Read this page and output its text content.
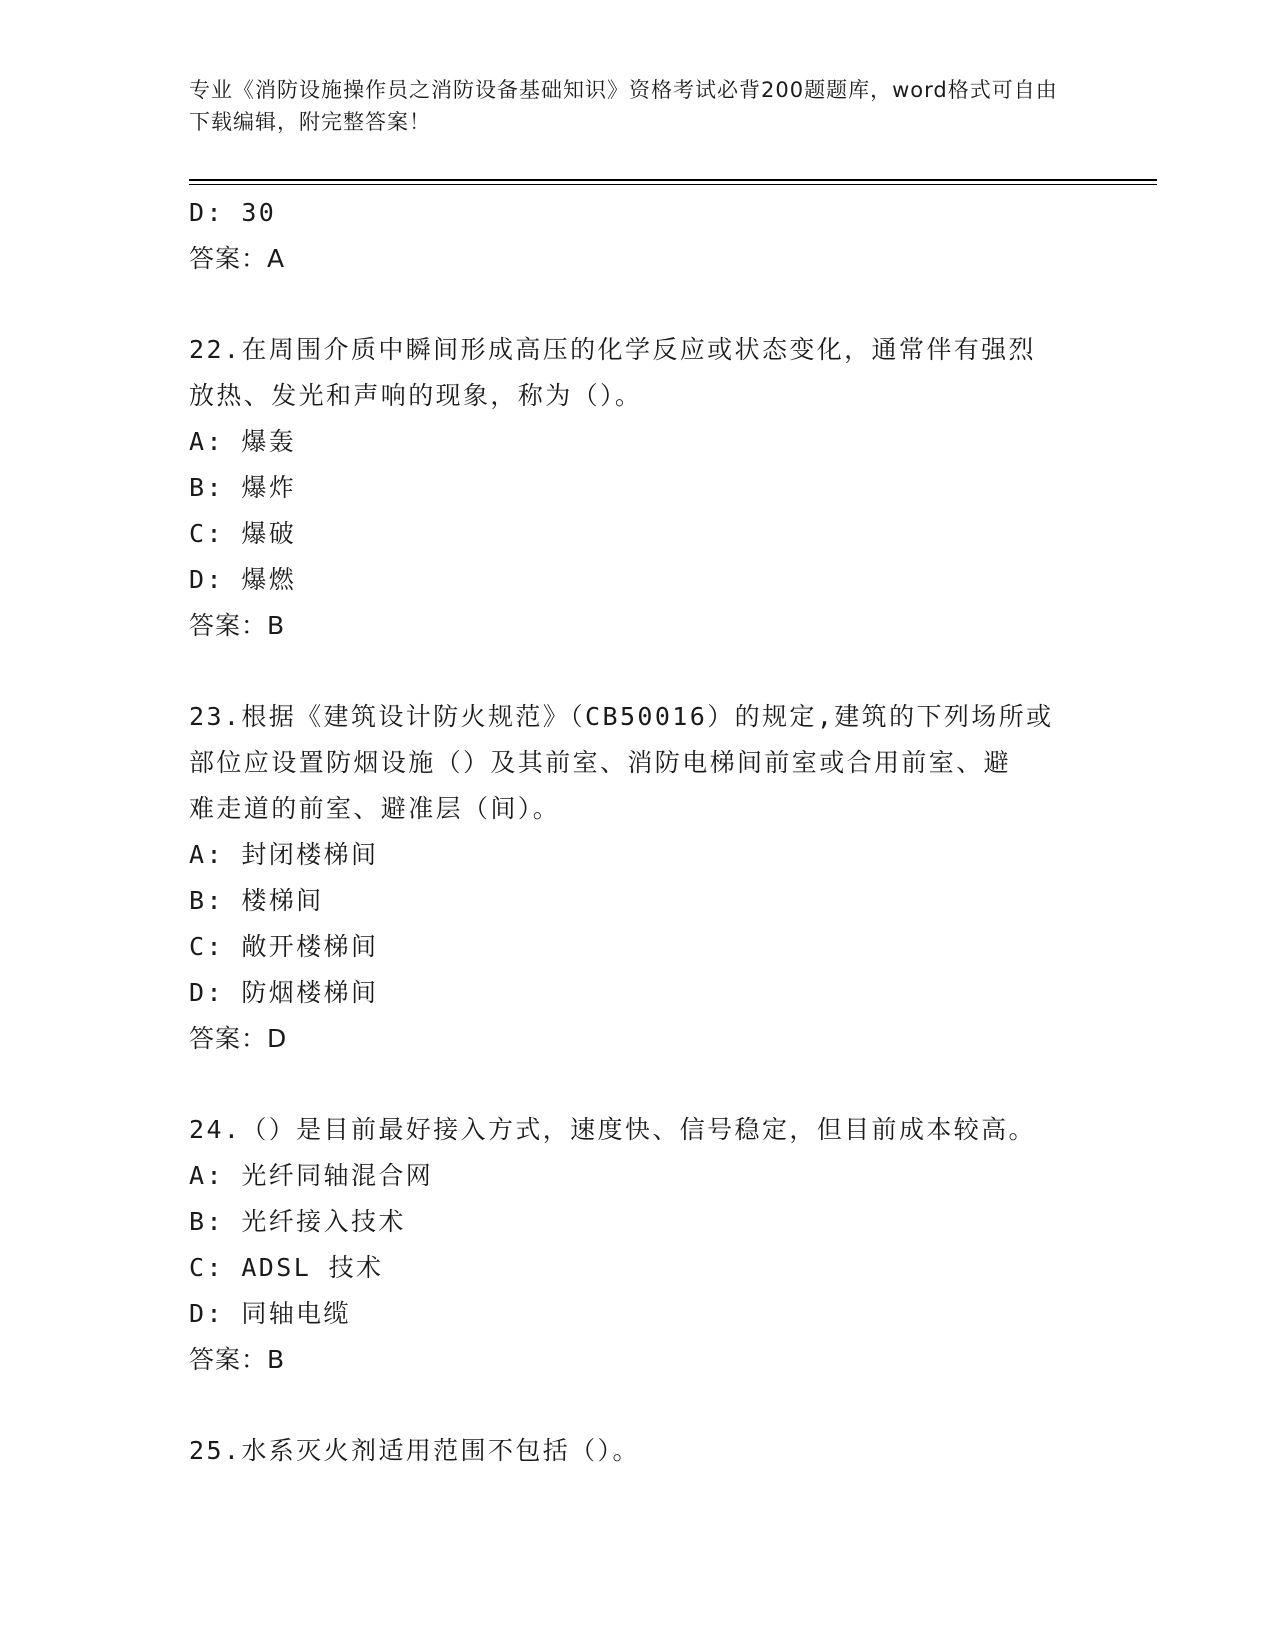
专业《消防设施操作员之消防设备基础知识》资格考试必背200题题库，word格式可自由下载编辑，附完整答案！
D: 30
答案：A
22.在周围介质中瞬间形成高压的化学反应或状态变化，通常伴有强烈
放热、发光和声响的现象，称为（）。
A: 爆轰
B: 爆炸
C: 爆破
D: 爆燃
答案：B
23.根据《建筑设计防火规范》（CB50016）的规定,建筑的下列场所或
部位应设置防烟设施（）及其前室、消防电梯间前室或合用前室、避
难走道的前室、避准层（间）。
A: 封闭楼梯间
B: 楼梯间
C: 敞开楼梯间
D: 防烟楼梯间
答案：D
24.（）是目前最好接入方式，速度快、信号稳定，但目前成本较高。
A: 光纤同轴混合网
B: 光纤接入技术
C: ADSL 技术
D: 同轴电缆
答案：B
25.水系灭火剂适用范围不包括（）。
